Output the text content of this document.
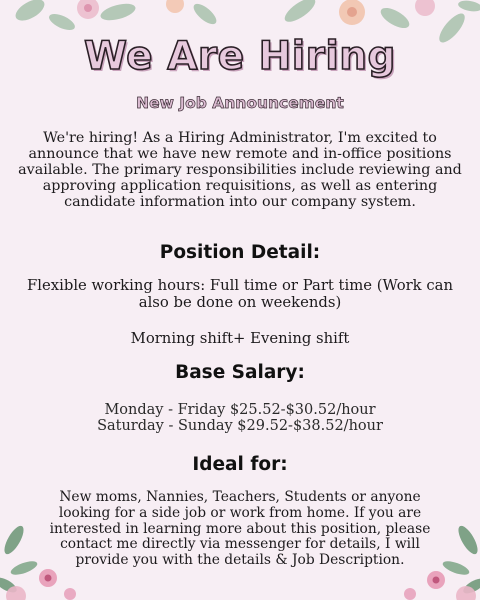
We Are Hiring
New Job Announcement
We're hiring! As a Hiring Administrator, I'm excited to announce that we have new remote and in-office positions available. The primary responsibilities include reviewing and approving application requisitions, as well as entering candidate information into our company system.
Position Detail:
Flexible working hours: Full time or Part time (Work can also be done on weekends)
Morning shift+ Evening shift
Base Salary:
Monday - Friday $25.52-$30.52/hour
Saturday - Sunday $29.52-$38.52/hour
Ideal for:
New moms, Nannies, Teachers, Students or anyone looking for a side job or work from home. If you are interested in learning more about this position, please contact me directly via messenger for details, I will provide you with the details & Job Description.
